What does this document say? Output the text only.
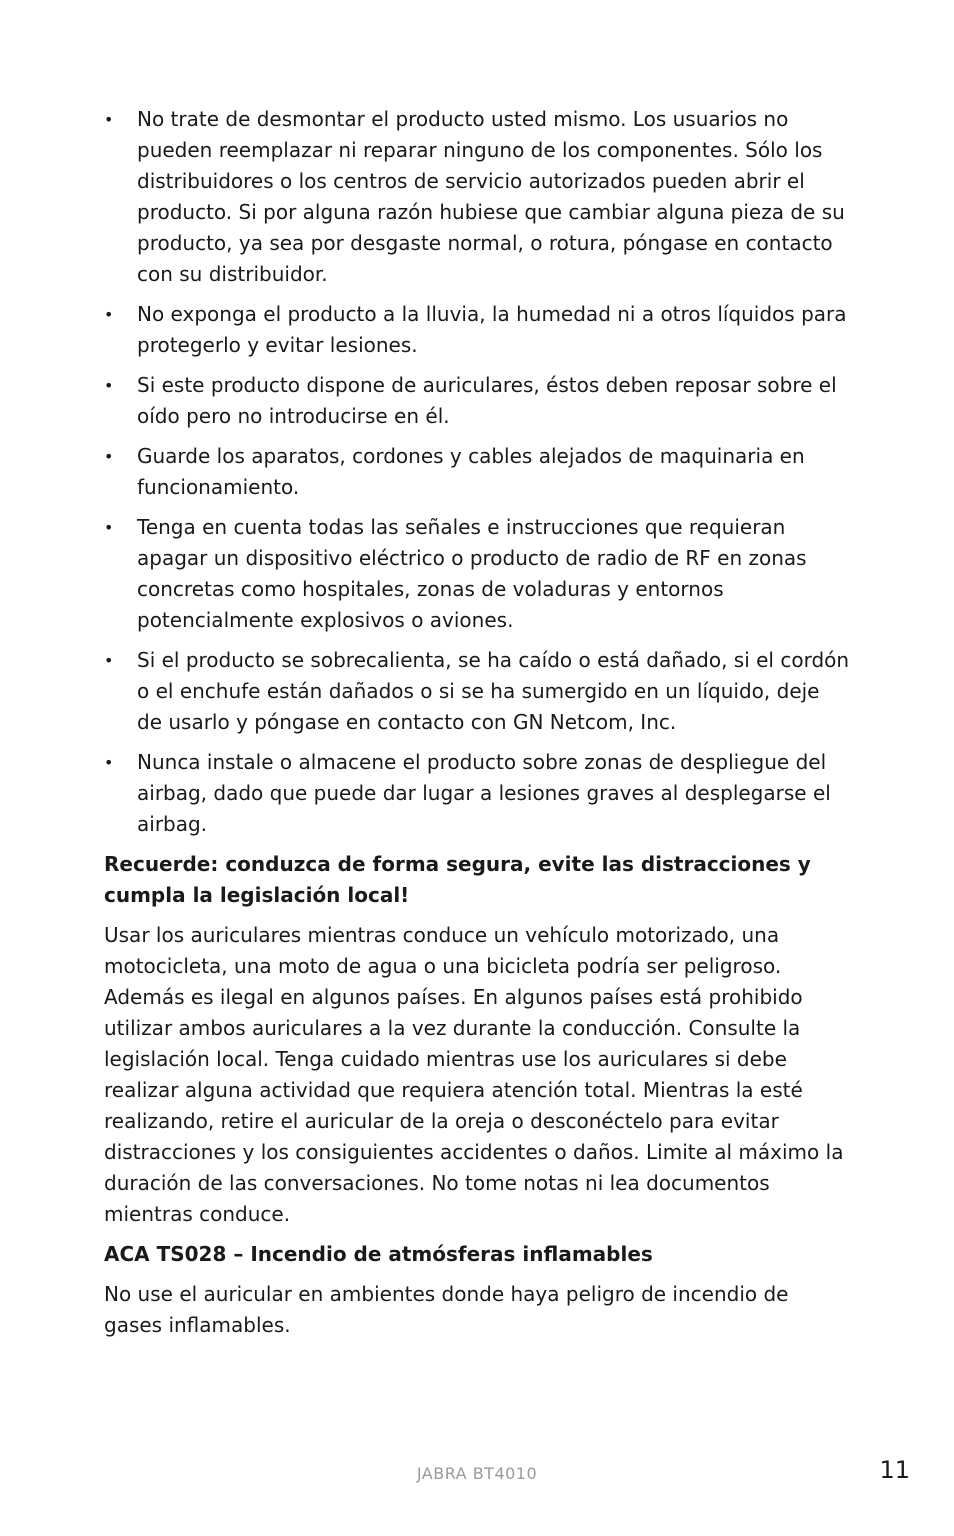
• No trate de desmontar el producto usted mismo. Los usuarios no pueden reemplazar ni reparar ninguno de los componentes. Sólo los distribuidores o los centros de servicio autorizados pueden abrir el producto. Si por alguna razón hubiese que cambiar alguna pieza de su producto, ya sea por desgaste normal, o rotura, póngase en contacto con su distribuidor.
• No exponga el producto a la lluvia, la humedad ni a otros líquidos para protegerlo y evitar lesiones.
• Si este producto dispone de auriculares, éstos deben reposar sobre el oído pero no introducirse en él.
• Guarde los aparatos, cordones y cables alejados de maquinaria en funcionamiento.
• Tenga en cuenta todas las señales e instrucciones que requieran apagar un dispositivo eléctrico o producto de radio de RF en zonas concretas como hospitales, zonas de voladuras y entornos potencialmente explosivos o aviones.
• Si el producto se sobrecalienta, se ha caído o está dañado, si el cordón o el enchufe están dañados o si se ha sumergido en un líquido, deje de usarlo y póngase en contacto con GN Netcom, Inc.
• Nunca instale o almacene el producto sobre zonas de despliegue del airbag, dado que puede dar lugar a lesiones graves al desplegarse el airbag.
Recuerde: conduzca de forma segura, evite las distracciones y cumpla la legislación local!
Usar los auriculares mientras conduce un vehículo motorizado, una motocicleta, una moto de agua o una bicicleta podría ser peligroso. Además es ilegal en algunos países. En algunos países está prohibido utilizar ambos auriculares a la vez durante la conducción. Consulte la legislación local. Tenga cuidado mientras use los auriculares si debe realizar alguna actividad que requiera atención total. Mientras la esté realizando, retire el auricular de la oreja o desconéctelo para evitar distracciones y los consiguientes accidentes o daños. Limite al máximo la duración de las conversaciones. No tome notas ni lea documentos mientras conduce.
ACA TS028 – Incendio de atmósferas inflamables
No use el auricular en ambientes donde haya peligro de incendio de gases inflamables.
JABRA BT4010	11
